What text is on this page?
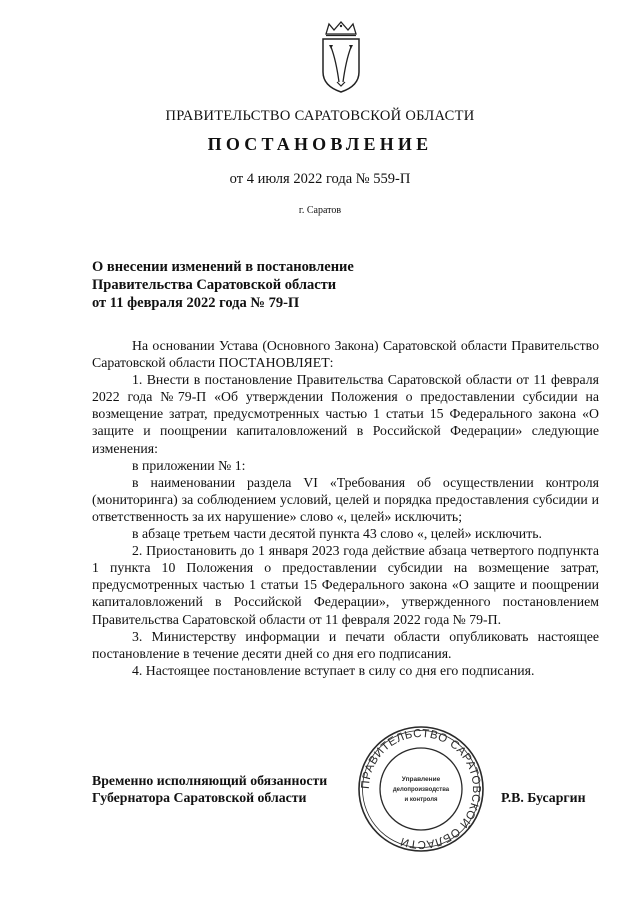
ПРАВИТЕЛЬСТВО САРАТОВСКОЙ ОБЛАСТИ
ПОСТАНОВЛЕНИЕ
от 4 июля 2022 года № 559-П
г. Саратов
О внесении изменений в постановление
Правительства Саратовской области
от 11 февраля 2022 года № 79-П

На основании Устава (Основного Закона) Саратовской области Правительство Саратовской области ПОСТАНОВЛЯЕТ:

1. Внести в постановление Правительства Саратовской области от 11 февраля 2022 года №79-П «Об утверждении Положения о предоставлении субсидии на возмещение затрат, предусмотренных частью 1 статьи 15 Федерального закона «О защите и поощрении капиталовложений в Российской Федерации» следующие изменения:

в приложении № 1:

в наименовании раздела VI «Требования об осуществлении контроля (мониторинга) за соблюдением условий, целей и порядка предоставления субсидии и ответственность за их нарушение» слово «, целей» исключить;

в абзаце третьем части десятой пункта 43 слово «, целей» исключить.

2. Приостановить до 1 января 2023 года действие абзаца четвертого подпункта 1 пункта 10 Положения о предоставлении субсидии на возмещение затрат, предусмотренных частью 1 статьи 15 Федерального закона «О защите и поощрении капиталовложений в Российской Федерации», утвержденного постановлением Правительства Саратовской области от 11 февраля 2022 года № 79-П.

3. Министерству информации и печати области опубликовать настоящее постановление в течение десяти дней со дня его подписания.

4. Настоящее постановление вступает в силу со дня его подписания.

Временно исполняющий обязанности
Губернатора Саратовской области
ПРАВИТЕЛЬСТВО САРАТОВСКОЙ ОБЛАСТИ
Управление
делопроизводства
и контроля	Р.В. Бусаргин
